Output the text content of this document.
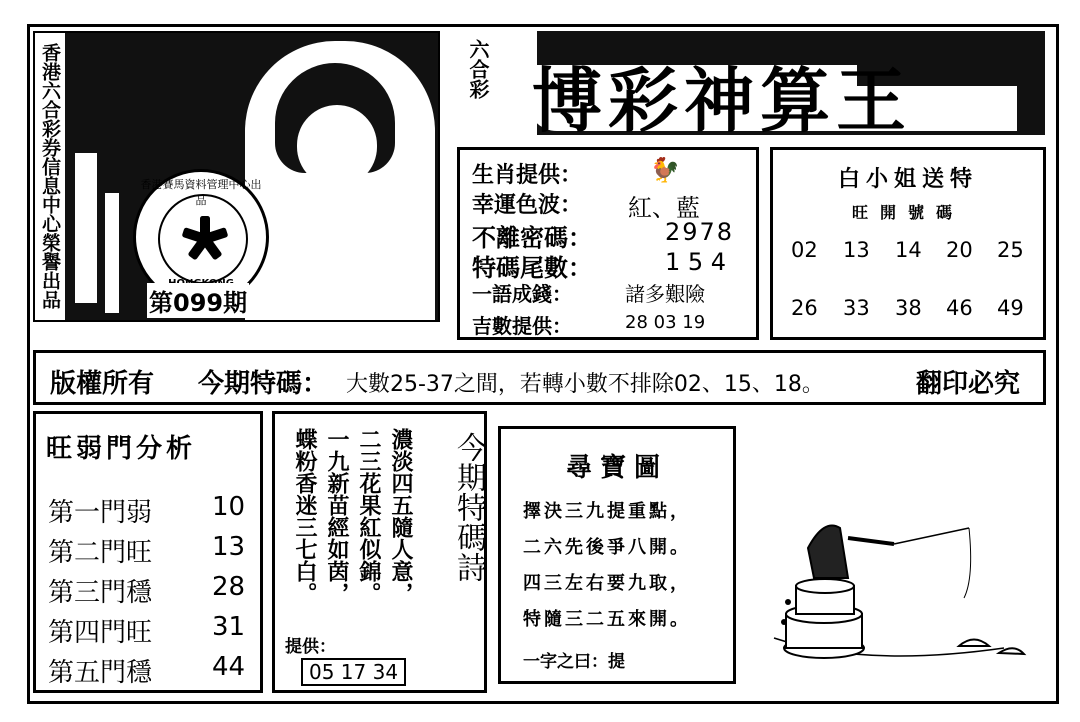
香港六合彩券信息中心榮譽出品	香港賽馬資料管理中心出品
第099期
六合彩 博彩神算王
生肖提供：	🐓
幸運色波： 紅、藍
不離密碼：	2978
特碼尾數：	1 5 4
一語成錢：	諸多艱險
吉數提供：	28 03 19
白小姐送特
旺開號碼
02 13 14 20 25
26 33 38 46 49
版權所有 今期特碼： 大數25-37之間，若轉小數不排除02、15、18。	翻印必究
旺弱門分析
第一門弱 10
第二門旺 13
第三門穩 28
第四門旺 31
第五門穩 44
濃淡四五隨人意，
二三花果紅似錦。
一九新苗經如茵，
蝶粉香迷三七白。	今期特碼詩
提供：
05 17 34
尋寶圖
擇決三九提重點，
二六先後爭八開。
四三左右要九取，
特隨三二五來開。
一字之曰：提
